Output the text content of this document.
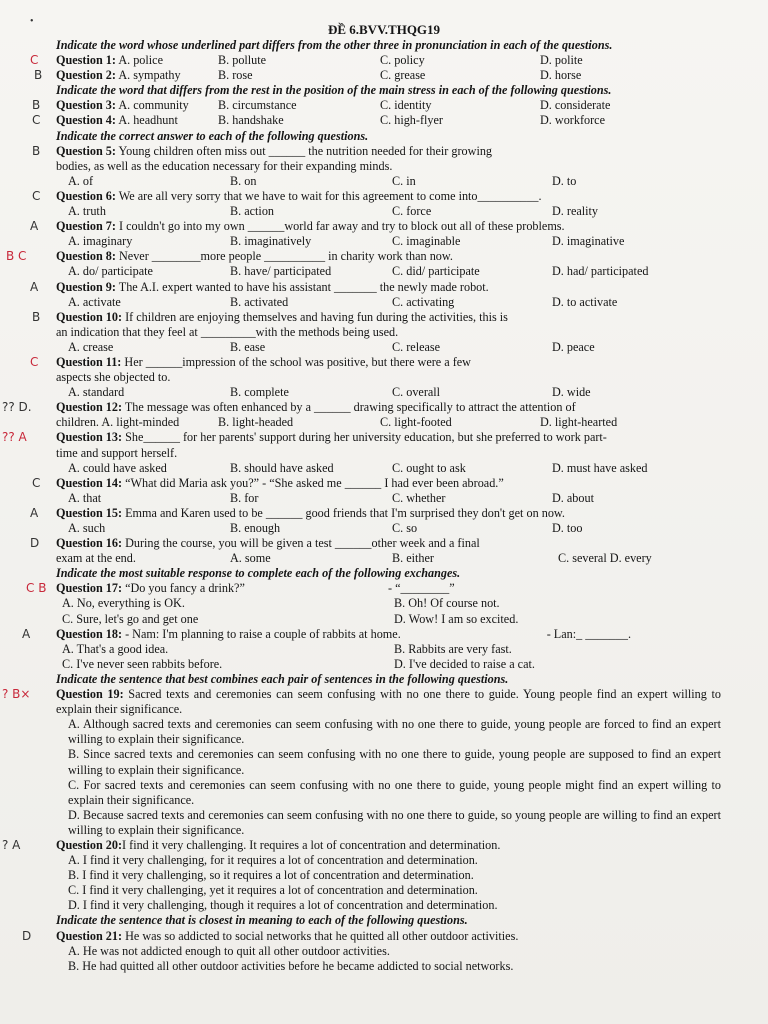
•
ĐỀ 6.BVV.THQG19
Indicate the word whose underlined part differs from the other three in pronunciation in each of the questions.
C Question 1: A. police	B. pollute	C. policy	D. polite
B Question 2: A. sympathy	B. rose	C. grease	D. horse
Indicate the word that differs from the rest in the position of the main stress in each of the following questions.
B Question 3: A. community	B. circumstance	C. identity	D. considerate
C Question 4: A. headhunt	B. handshake	C. high-flyer	D. workforce
Indicate the correct answer to each of the following questions.
B Question 5: Young children often miss out ______ the nutrition needed for their growing
bodies, as well as the education necessary for their expanding minds.
A. of	B. on	C. in	D. to
C Question 6: We are all very sorry that we have to wait for this agreement to come into__________.
A. truth	B. action	C. force	D. reality
A Question 7: I couldn't go into my own ______world far away and try to block out all of these problems.
A. imaginary	B. imaginatively	C. imaginable	D. imaginative
B C Question 8: Never ________more people __________ in charity work than now.
A. do/ participate	B. have/ participated	C. did/ participate	D. had/ participated
A Question 9: The A.I. expert wanted to have his assistant _______ the newly made robot.
A. activate	B. activated	C. activating	D. to activate
B Question 10: If children are enjoying themselves and having fun during the activities, this is
an indication that they feel at _________with the methods being used.
A. crease	B. ease	C. release	D. peace
C Question 11: Her ______impression of the school was positive, but there were a few
aspects she objected to.
A. standard	B. complete	C. overall	D. wide
?? D. Question 12: The message was often enhanced by a ______ drawing specifically to attract the attention of
children. A. light-minded	B. light-headed	C. light-footed	D. light-hearted
?? A Question 13: She______ for her parents' support during her university education, but she preferred to work part-
time and support herself.
A. could have asked	B. should have asked	C. ought to ask	D. must have asked
C Question 14: “What did Maria ask you?” - “She asked me ______ I had ever been abroad.”
A. that	B. for	C. whether	D. about
A Question 15: Emma and Karen used to be ______ good friends that I'm surprised they don't get on now.
A. such	B. enough	C. so	D. too
D Question 16: During the course, you will be given a test ______other week and a final
exam at the end.	A. some	B. either	C. several D. every
Indicate the most suitable response to complete each of the following exchanges.
C B Question 17: “Do you fancy a drink?”	- “________”
A. No, everything is OK.	B. Oh! Of course not.
C. Sure, let's go and get one	D. Wow! I am so excited.
A Question 18: - Nam: I'm planning to raise a couple of rabbits at home.	- Lan:_ _______.
A. That's a good idea.	B. Rabbits are very fast.
C. I've never seen rabbits before.	D. I've decided to raise a cat.
Indicate the sentence that best combines each pair of sentences in the following questions.
? B× Question 19: Sacred texts and ceremonies can seem confusing with no one there to guide. Young people find an expert willing to explain their significance.
A. Although sacred texts and ceremonies can seem confusing with no one there to guide, young people are forced to find an expert willing to explain their significance.
B. Since sacred texts and ceremonies can seem confusing with no one there to guide, young people are supposed to find an expert willing to explain their significance.
C. For sacred texts and ceremonies can seem confusing with no one there to guide, young people might find an expert willing to explain their significance.
D. Because sacred texts and ceremonies can seem confusing with no one there to guide, so young people are willing to find an expert willing to explain their significance.
? A	Question 20:I find it very challenging. It requires a lot of concentration and determination.
A. I find it very challenging, for it requires a lot of concentration and determination.
B. I find it very challenging, so it requires a lot of concentration and determination.
C. I find it very challenging, yet it requires a lot of concentration and determination.
D. I find it very challenging, though it requires a lot of concentration and determination.
Indicate the sentence that is closest in meaning to each of the following questions.
D Question 21: He was so addicted to social networks that he quitted all other outdoor activities.
A. He was not addicted enough to quit all other outdoor activities.
B. He had quitted all other outdoor activities before he became addicted to social networks.
